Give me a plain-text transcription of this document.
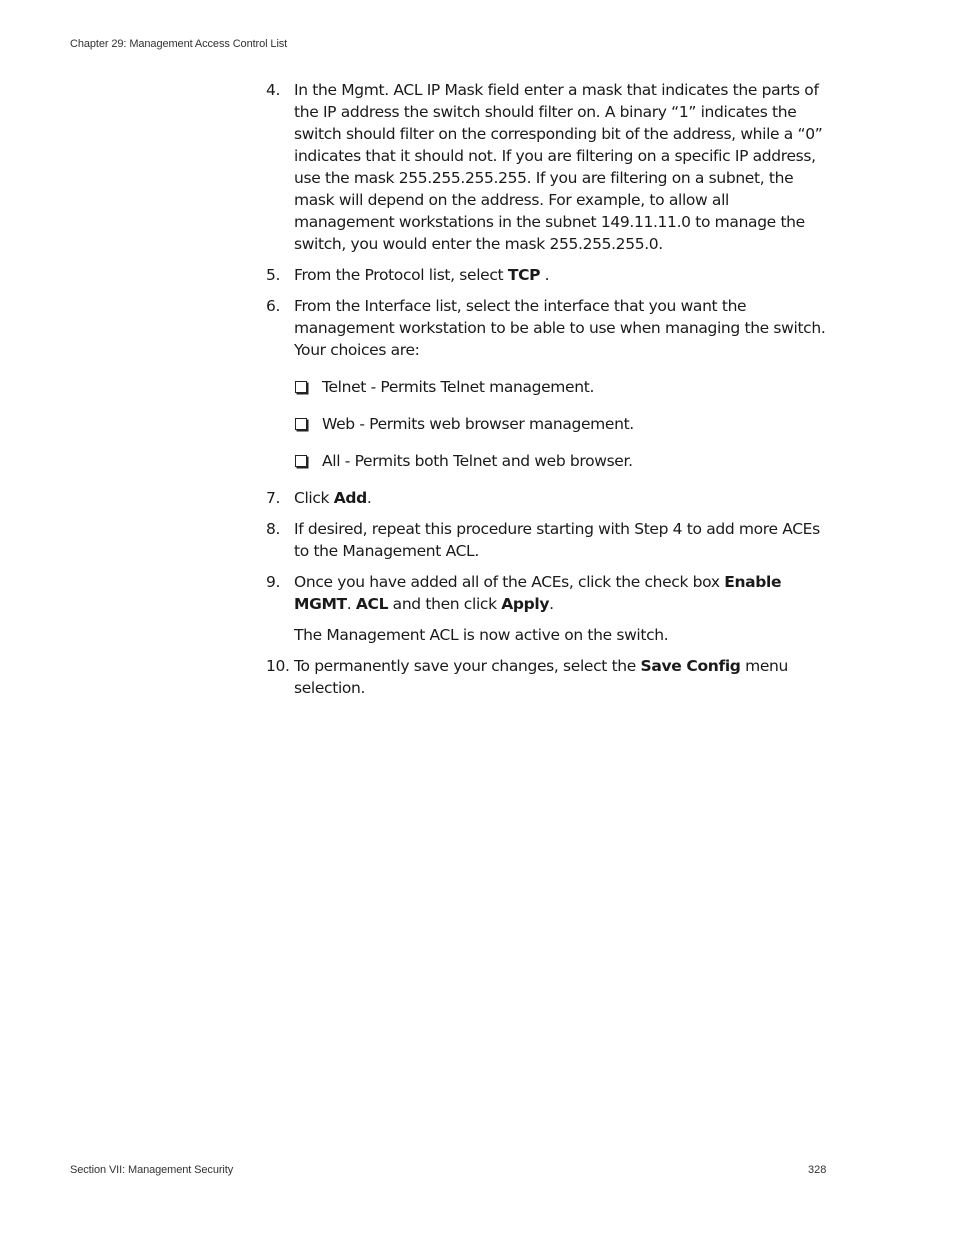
Chapter 29: Management Access Control List
4. In the Mgmt. ACL IP Mask field enter a mask that indicates the parts of the IP address the switch should filter on. A binary “1” indicates the switch should filter on the corresponding bit of the address, while a “0” indicates that it should not. If you are filtering on a specific IP address, use the mask 255.255.255.255. If you are filtering on a subnet, the mask will depend on the address. For example, to allow all management workstations in the subnet 149.11.11.0 to manage the switch, you would enter the mask 255.255.255.0.
5. From the Protocol list, select TCP .
6. From the Interface list, select the interface that you want the management workstation to be able to use when managing the switch. Your choices are:
Telnet - Permits Telnet management.
Web - Permits web browser management.
All - Permits both Telnet and web browser.
7. Click Add.
8. If desired, repeat this procedure starting with Step 4 to add more ACEs to the Management ACL.
9. Once you have added all of the ACEs, click the check box Enable MGMT. ACL and then click Apply.
The Management ACL is now active on the switch.
10. To permanently save your changes, select the Save Config menu selection.
Section VII: Management Security	328
